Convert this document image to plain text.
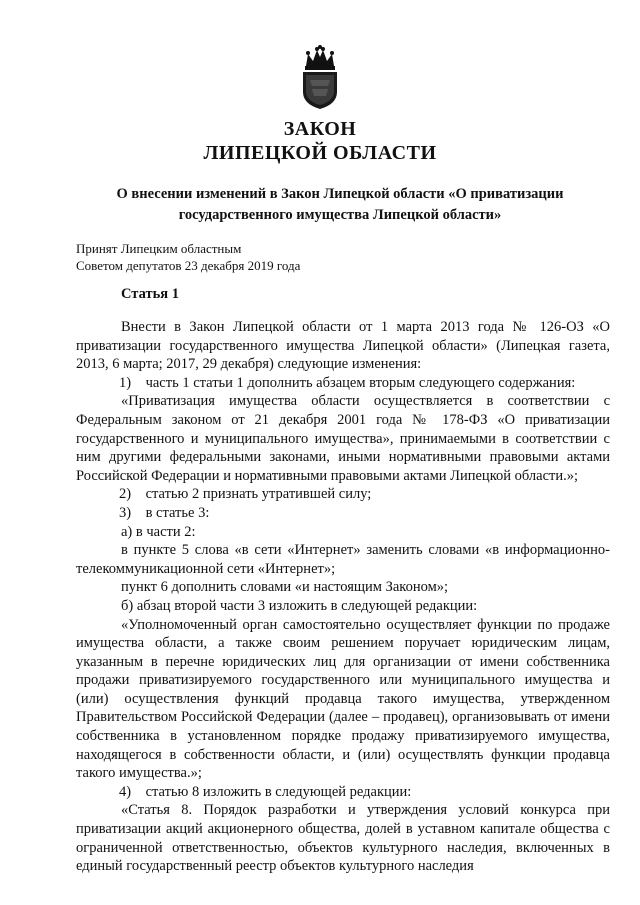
ЗАКОН
ЛИПЕЦКОЙ ОБЛАСТИ
О внесении изменений в Закон Липецкой области «О приватизации
государственного имущества Липецкой области»
Принят Липецким областным
Советом депутатов 23 декабря 2019 года
Статья 1

Внести в Закон Липецкой области от 1 марта 2013 года № 126-ОЗ «О приватизации государственного имущества Липецкой области» (Липецкая газета, 2013, 6 марта; 2017, 29 декабря) следующие изменения:

1) часть 1 статьи 1 дополнить абзацем вторым следующего содержания:

«Приватизация имущества области осуществляется в соответствии с Федеральным законом от 21 декабря 2001 года № 178-ФЗ «О приватизации государственного и муниципального имущества», принимаемыми в соответствии с ним другими федеральными законами, иными нормативными правовыми актами Российской Федерации и нормативными правовыми актами Липецкой области.»;

2) статью 2 признать утратившей силу;

3) в статье 3:

а) в части 2:

в пункте 5 слова «в сети «Интернет» заменить словами «в информационно-телекоммуникационной сети «Интернет»;

пункт 6 дополнить словами «и настоящим Законом»;

б) абзац второй части 3 изложить в следующей редакции:

«Уполномоченный орган самостоятельно осуществляет функции по продаже имущества области, а также своим решением поручает юридическим лицам, указанным в перечне юридических лиц для организации от имени собственника продажи приватизируемого государственного или муниципального имущества и (или) осуществления функций продавца такого имущества, утвержденном Правительством Российской Федерации (далее – продавец), организовывать от имени собственника в установленном порядке продажу приватизируемого имущества, находящегося в собственности области, и (или) осуществлять функции продавца такого имущества.»;

4) статью 8 изложить в следующей редакции:

«Статья 8. Порядок разработки и утверждения условий конкурса при приватизации акций акционерного общества, долей в уставном капитале общества с ограниченной ответственностью, объектов культурного наследия, включенных в единый государственный реестр объектов культурного наследия
